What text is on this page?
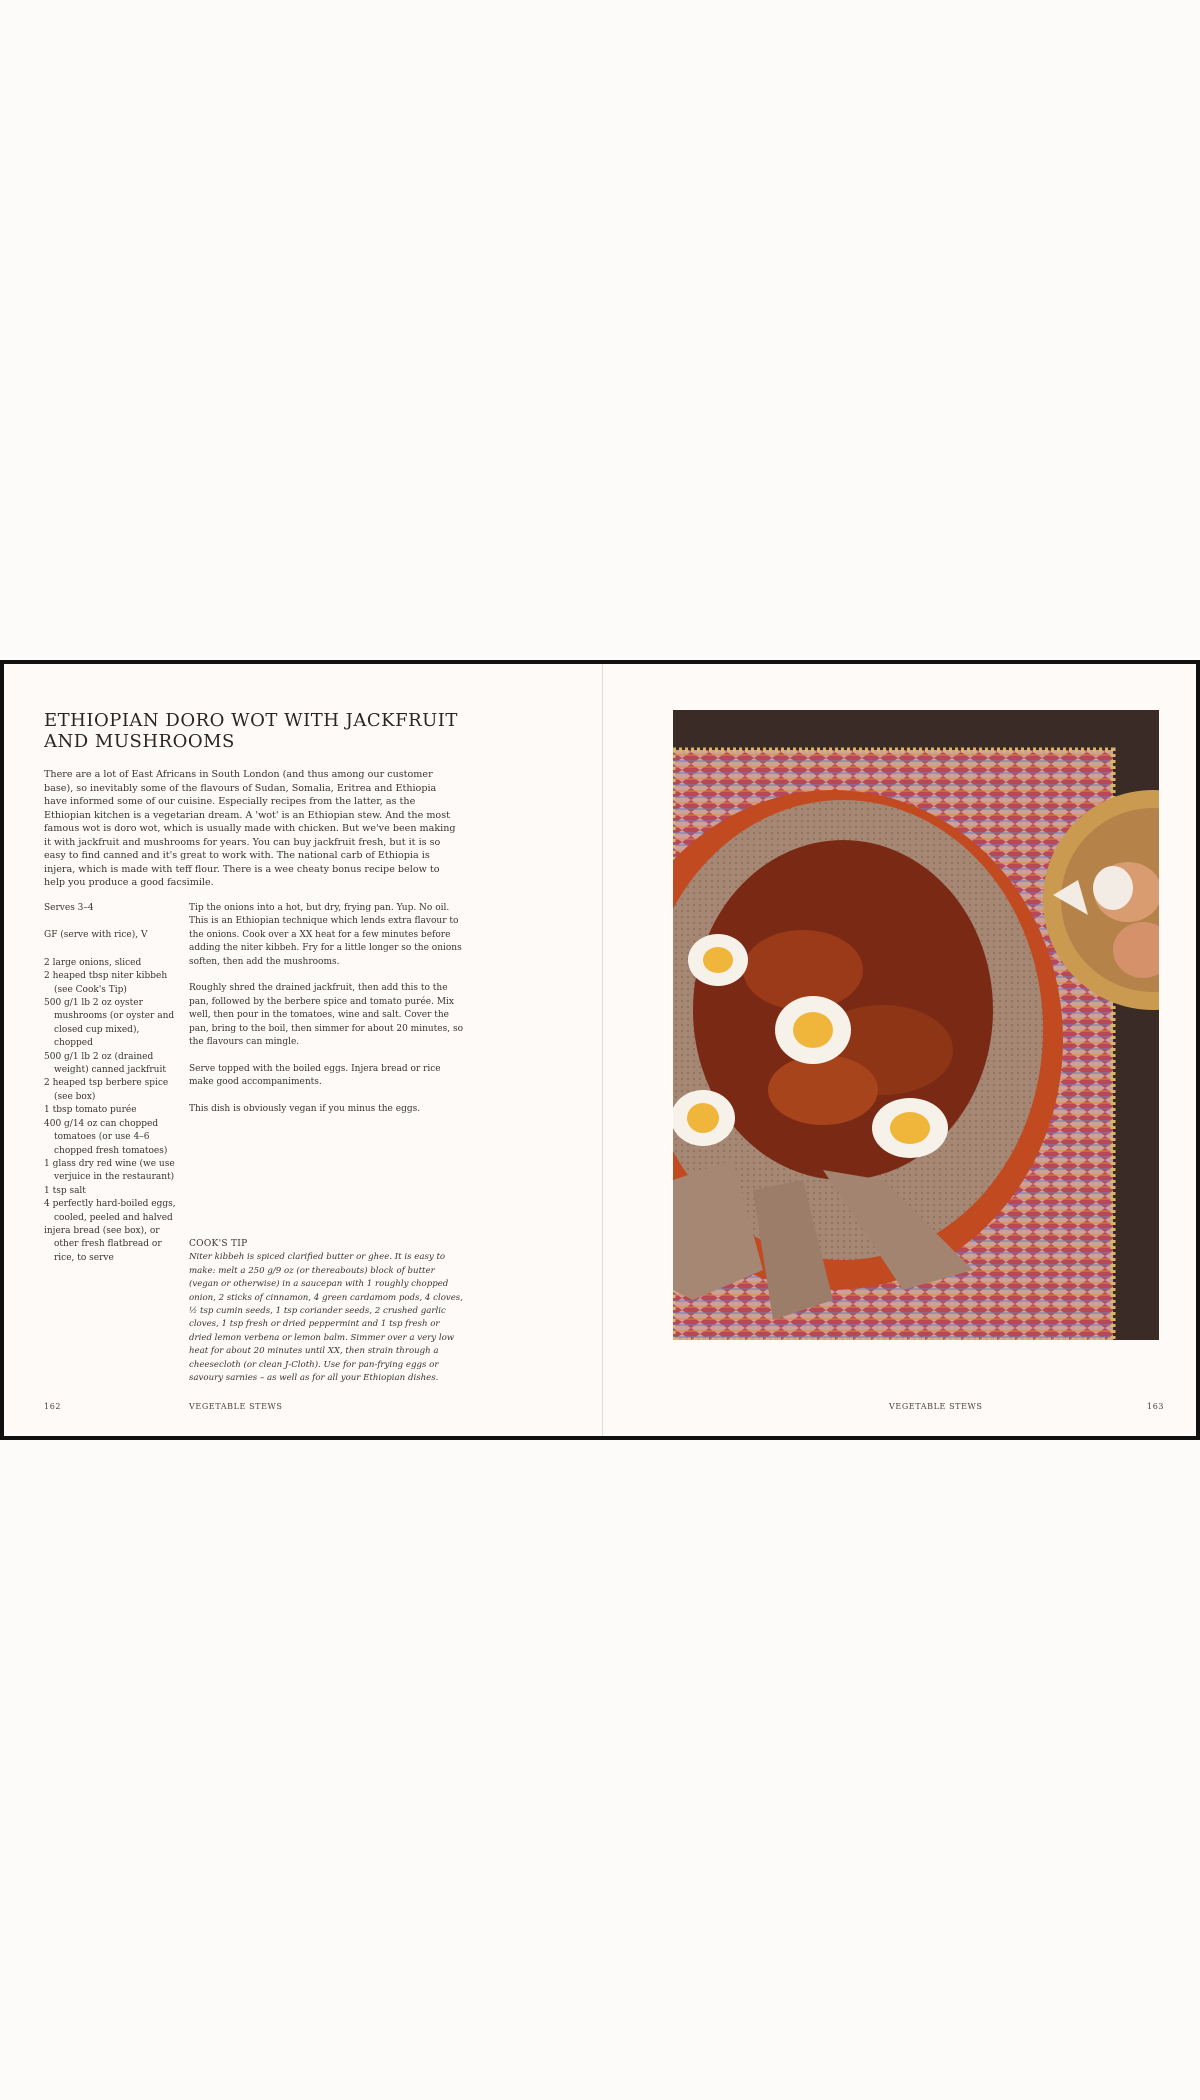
ETHIOPIAN DORO WOT WITH JACKFRUIT AND MUSHROOMS

There are a lot of East Africans in South London (and thus among our customer base), so inevitably some of the flavours of Sudan, Somalia, Eritrea and Ethiopia have informed some of our cuisine. Especially recipes from the latter, as the Ethiopian kitchen is a vegetarian dream. A 'wot' is an Ethiopian stew. And the most famous wot is doro wot, which is usually made with chicken. But we've been making it with jackfruit and mushrooms for years. You can buy jackfruit fresh, but it is so easy to find canned and it's great to work with. The national carb of Ethiopia is injera, which is made with teff flour. There is a wee cheaty bonus recipe below to help you produce a good facsimile.

Serves 3–4

GF (serve with rice), V

2 large onions, sliced
2 heaped tbsp niter kibbeh (see Cook's Tip)
500 g/1 lb 2 oz oyster mushrooms (or oyster and closed cup mixed), chopped
500 g/1 lb 2 oz (drained weight) canned jackfruit
2 heaped tsp berbere spice (see box)
1 tbsp tomato purée
400 g/14 oz can chopped tomatoes (or use 4–6 chopped fresh tomatoes)
1 glass dry red wine (we use verjuice in the restaurant)
1 tsp salt
4 perfectly hard-boiled eggs, cooled, peeled and halved
injera bread (see box), or other fresh flatbread or rice, to serve

Tip the onions into a hot, but dry, frying pan. Yup. No oil. This is an Ethiopian technique which lends extra flavour to the onions. Cook over a XX heat for a few minutes before adding the niter kibbeh. Fry for a little longer so the onions soften, then add the mushrooms.

Roughly shred the drained jackfruit, then add this to the pan, followed by the berbere spice and tomato purée. Mix well, then pour in the tomatoes, wine and salt. Cover the pan, bring to the boil, then simmer for about 20 minutes, so the flavours can mingle.

Serve topped with the boiled eggs. Injera bread or rice make good accompaniments.

This dish is obviously vegan if you minus the eggs.

COOK'S TIP

Niter kibbeh is spiced clarified butter or ghee. It is easy to make: melt a 250 g/9 oz (or thereabouts) block of butter (vegan or otherwise) in a saucepan with 1 roughly chopped onion, 2 sticks of cinnamon, 4 green cardamom pods, 4 cloves, ½ tsp cumin seeds, 1 tsp coriander seeds, 2 crushed garlic cloves, 1 tsp fresh or dried peppermint and 1 tsp fresh or dried lemon verbena or lemon balm. Simmer over a very low heat for about 20 minutes until XX, then strain through a cheesecloth (or clean J-Cloth). Use for pan-frying eggs or savoury sarnies – as well as for all your Ethiopian dishes.

162	VEGETABLE STEWS	VEGETABLE STEWS	163
